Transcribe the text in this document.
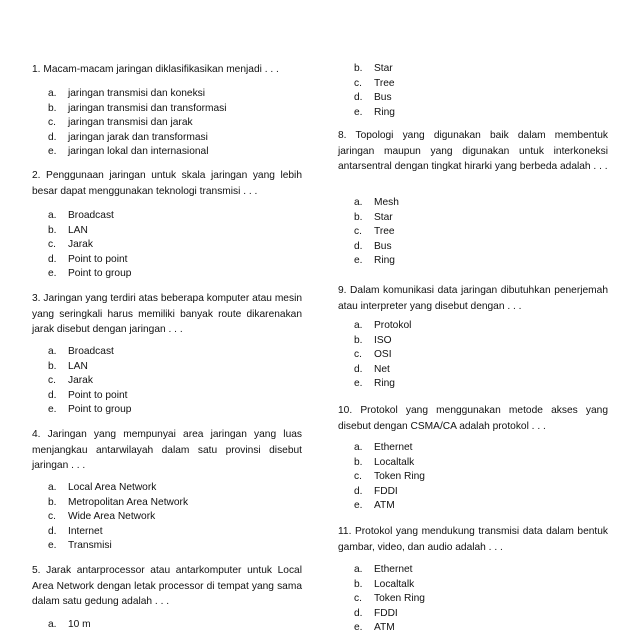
1. Macam-macam jaringan diklasifikasikan menjadi . . .
a. jaringan transmisi dan koneksi
b. jaringan transmisi dan transformasi
c. jaringan transmisi dan jarak
d. jaringan jarak dan transformasi
e. jaringan lokal dan internasional
2. Penggunaan jaringan untuk skala jaringan yang lebih besar dapat menggunakan teknologi transmisi . . .
a. Broadcast
b. LAN
c. Jarak
d. Point to point
e. Point to group
3. Jaringan yang terdiri atas beberapa komputer atau mesin yang seringkali harus memiliki banyak route dikarenakan jarak disebut dengan jaringan . . .
a. Broadcast
b. LAN
c. Jarak
d. Point to point
e. Point to group
4. Jaringan yang mempunyai area jaringan yang luas menjangkau antarwilayah dalam satu provinsi disebut jaringan . . .
a. Local Area Network
b. Metropolitan Area Network
c. Wide Area Network
d. Internet
e. Transmisi
5. Jarak antarprocessor atau antarkomputer untuk Local Area Network dengan letak processor di tempat yang sama dalam satu gedung adalah . . .
a. 10 m
b. Star
c. Tree
d. Bus
e. Ring
8. Topologi yang digunakan baik dalam membentuk jaringan maupun yang digunakan untuk interkoneksi antarsentral dengan tingkat hirarki yang berbeda adalah . . .
a. Mesh
b. Star
c. Tree
d. Bus
e. Ring
9. Dalam komunikasi data jaringan dibutuhkan penerjemah atau interpreter yang disebut dengan . . .
a. Protokol
b. ISO
c. OSI
d. Net
e. Ring
10. Protokol yang menggunakan metode akses yang disebut dengan CSMA/CA adalah protokol . . .
a. Ethernet
b. Localtalk
c. Token Ring
d. FDDI
e. ATM
11. Protokol yang mendukung transmisi data dalam bentuk gambar, video, dan audio adalah . . .
a. Ethernet
b. Localtalk
c. Token Ring
d. FDDI
e. ATM
